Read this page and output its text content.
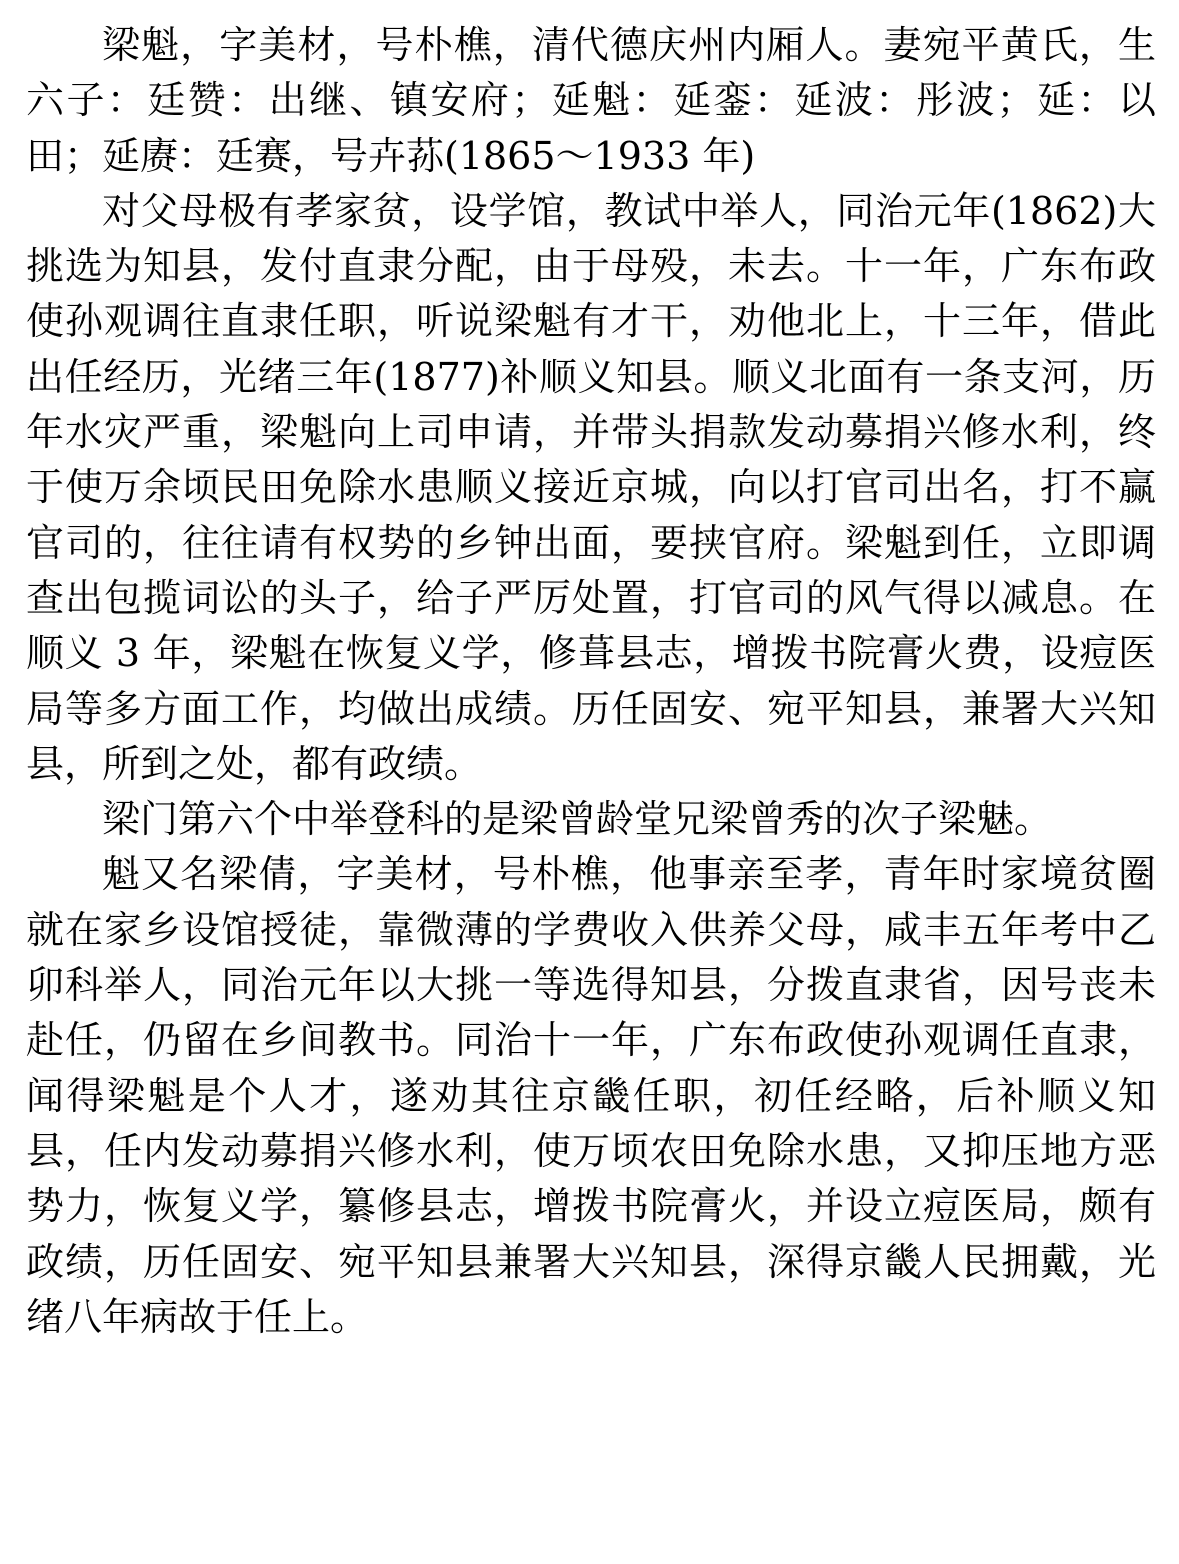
梁魁，字美材，号朴樵，清代德庆州内厢人。妻宛平黄氏，生六子：廷赞：出继、镇安府；延魁：延銮：延波：彤波；延：以田；延赓：廷赛，号卉荪(1865～1933 年)

对父母极有孝家贫，设学馆，教试中举人，同治元年(1862)大挑选为知县，发付直隶分配，由于母殁，未去。十一年，广东布政使孙观调往直隶任职，听说梁魁有才干，劝他北上，十三年，借此出任经历，光绪三年(1877)补顺义知县。顺义北面有一条支河，历年水灾严重，梁魁向上司申请，并带头捐款发动募捐兴修水利，终于使万余顷民田免除水患顺义接近京城，向以打官司出名，打不赢官司的，往往请有权势的乡钟出面，要挟官府。梁魁到任，立即调查出包揽词讼的头子，给子严厉处置，打官司的风气得以减息。在顺义 3 年，梁魁在恢复义学，修葺县志，增拨书院膏火费，设痘医局等多方面工作，均做出成绩。历任固安、宛平知县，兼署大兴知县，所到之处，都有政绩。

梁门第六个中举登科的是梁曾龄堂兄梁曾秀的次子梁魅。

魁又名梁倩，字美材，号朴樵，他事亲至孝，青年时家境贫圈就在家乡设馆授徒，靠微薄的学费收入供养父母，咸丰五年考中乙卯科举人，同治元年以大挑一等选得知县，分拨直隶省，因号丧未赴任，仍留在乡间教书。同治十一年，广东布政使孙观调任直隶，闻得梁魁是个人才，遂劝其往京畿任职，初任经略，后补顺义知县，任内发动募捐兴修水利，使万顷农田免除水患，又抑压地方恶势力，恢复义学，纂修县志，增拨书院膏火，并设立痘医局，颇有政绩，历任固安、宛平知县兼署大兴知县，深得京畿人民拥戴，光绪八年病故于任上。
